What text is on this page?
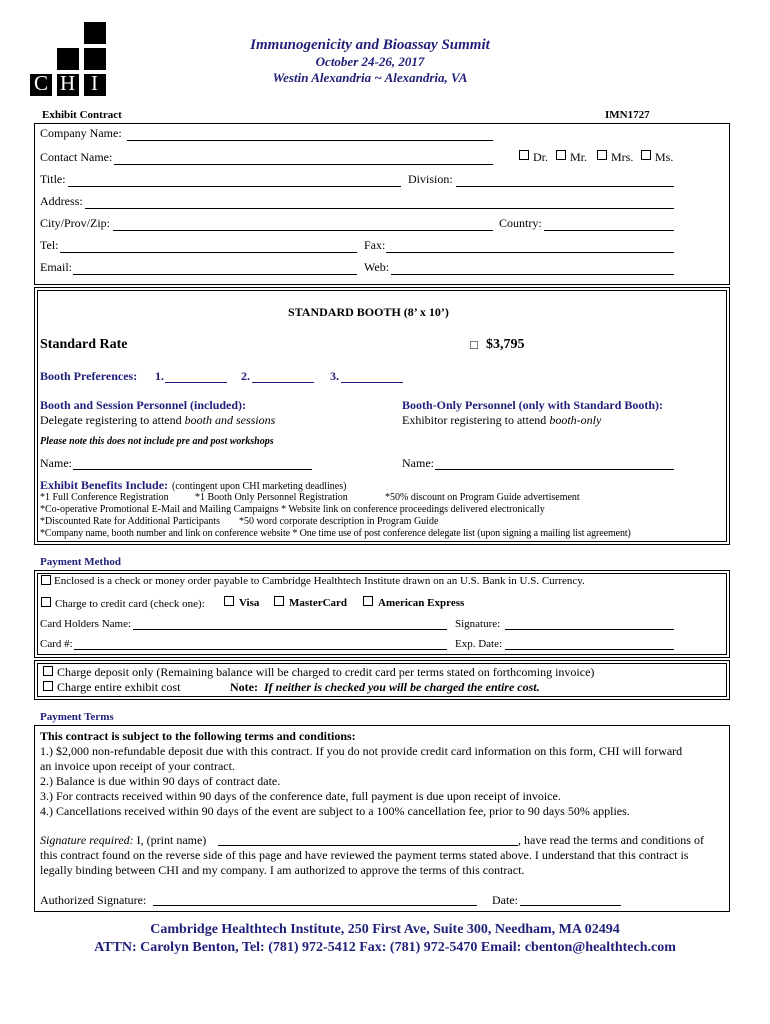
C H I
Immunogenicity and Bioassay Summit
October 24-26, 2017
Westin Alexandria ~ Alexandria, VA
Exhibit Contract	IMN1727
Company Name:
Contact Name:	Dr. Mr. Mrs. Ms.
Title:	Division:
Address:
City/Prov/Zip:	Country:
Tel:	Fax:
Email:	Web:
STANDARD BOOTH (8’ x 10’)
Standard Rate	□ $3,795
Booth Preferences: 1.	2.	3.
Booth and Session Personnel (included):
Delegate registering to attend booth and sessions
Booth-Only Personnel (only with Standard Booth):
Exhibitor registering to attend booth-only
Please note this does not include pre and post workshops
Name:	Name:
Exhibit Benefits Include: (contingent upon CHI marketing deadlines)
*1 Full Conference Registration	*1 Booth Only Personnel Registration	*50% discount on Program Guide advertisement
*Co-operative Promotional E-Mail and Mailing Campaigns * Website link on conference proceedings delivered electronically
*Discounted Rate for Additional Participants *50 word corporate description in Program Guide
*Company name, booth number and link on conference website * One time use of post conference delegate list (upon signing a mailing list agreement)
Payment Method
Enclosed is a check or money order payable to Cambridge Healthtech Institute drawn on an U.S. Bank in U.S. Currency.
Charge to credit card (check one):	Visa	MasterCard	American Express
Card Holders Name:	Signature:
Card #:	Exp. Date:
Charge deposit only (Remaining balance will be charged to credit card per terms stated on forthcoming invoice)
Charge entire exhibit cost	Note: If neither is checked you will be charged the entire cost.
Payment Terms
This contract is subject to the following terms and conditions:
1.) $2,000 non-refundable deposit due with this contract. If you do not provide credit card information on this form, CHI will forward
an invoice upon receipt of your contract.
2.) Balance is due within 90 days of contract date.
3.) For contracts received within 90 days of the conference date, full payment is due upon receipt of invoice.
4.) Cancellations received within 90 days of the event are subject to a 100% cancellation fee, prior to 90 days 50% applies.
Signature required: I, (print name)	, have read the terms and conditions of
this contract found on the reverse side of this page and have reviewed the payment terms stated above. I understand that this contract is
legally binding between CHI and my company. I am authorized to approve the terms of this contract.
Authorized Signature:	Date:
Cambridge Healthtech Institute, 250 First Ave, Suite 300, Needham, MA 02494
ATTN: Carolyn Benton, Tel: (781) 972-5412 Fax: (781) 972-5470 Email: cbenton@healthtech.com
